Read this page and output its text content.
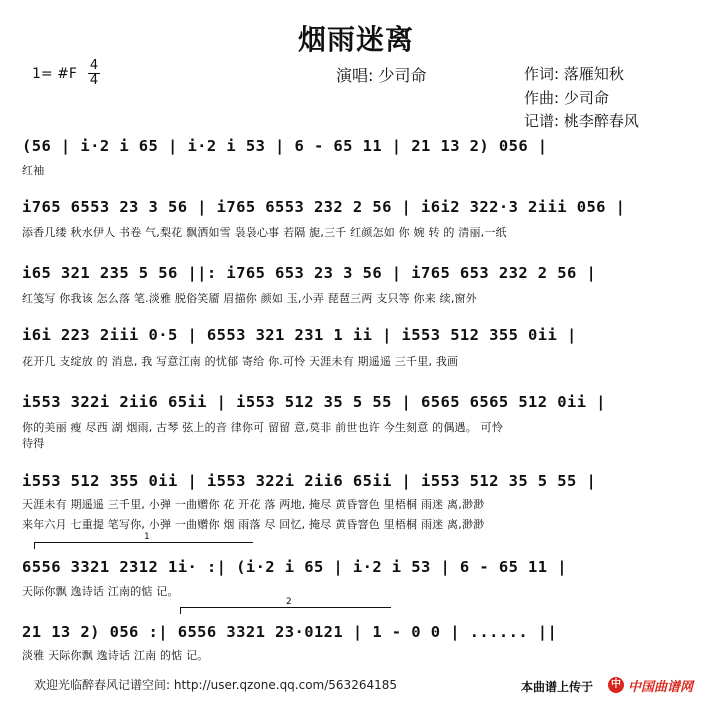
烟雨迷离
1= #F
4
4	演唱: 少司命	作词: 落雁知秋
作曲: 少司命
记谱: 桃李醉春风
(56 | i·2 i 65 | i·2 i 53 | 6 - 65 11 | 21 13 2) 056 |
红袖
i765 6553 23 3 56 | i765 6553 232 2 56 | i6i2 322·3 2iii 056 |
添香几缕 秋水伊人 书卷 气,梨花 飘洒如雪 袅袅心事 若隔 旎,三千 红颜怎如 你 婉 转 的 清丽,一纸
i65 321 235 5 56 ||: i765 653 23 3 56 | i765 653 232 2 56 |
红笺写 你我该 怎么落 笔.淡雅 脱俗笑靥 眉描你 颜如 玉,小弄 琵琶三两 支只等 你来 续,窗外
i6i 223 2iii 0·5 | 6553 321 231 1 ii | i553 512 355 0ii |
花开几 支绽放 的 消息, 我 写意江南 的忧郁 寄给 你.可怜 天涯未有 期遥遥 三千里, 我画
i553 322i 2ii6 65ii | i553 512 35 5 55 | 6565 6565 512 0ii |
你的美丽 瘦 尽西 湖 烟雨, 古琴 弦上的音 律你可 留留 意,莫非 前世也许 今生刻意 的偶遇。 可怜
待得
i553 512 355 0ii | i553 322i 2ii6 65ii | i553 512 35 5 55 |
天涯未有 期遥遥 三千里, 小弹 一曲赠你 花 开花 落 两地, 掩尽 黄昏窨色 里梧桐 雨迷 离,渺渺
来年六月 七重提 笔写你, 小弹 一曲赠你 烟 雨落 尽 回忆, 掩尽 黄昏窨色 里梧桐 雨迷 离,渺渺
1
6556 3321 2312 1i· :| (i·2 i 65 | i·2 i 53 | 6 - 65 11 |
天际你飘 逸诗话 江南的惦 记。
2
21 13 2) 056 :| 6556 3321 23·0121 | 1 - 0 0 | ...... ||
淡雅 天际你飘 逸诗话 江南 的惦 记。
欢迎光临醉春风记谱空间: http://user.qzone.qq.com/563264185	本曲谱上传于	中 中国曲谱网
